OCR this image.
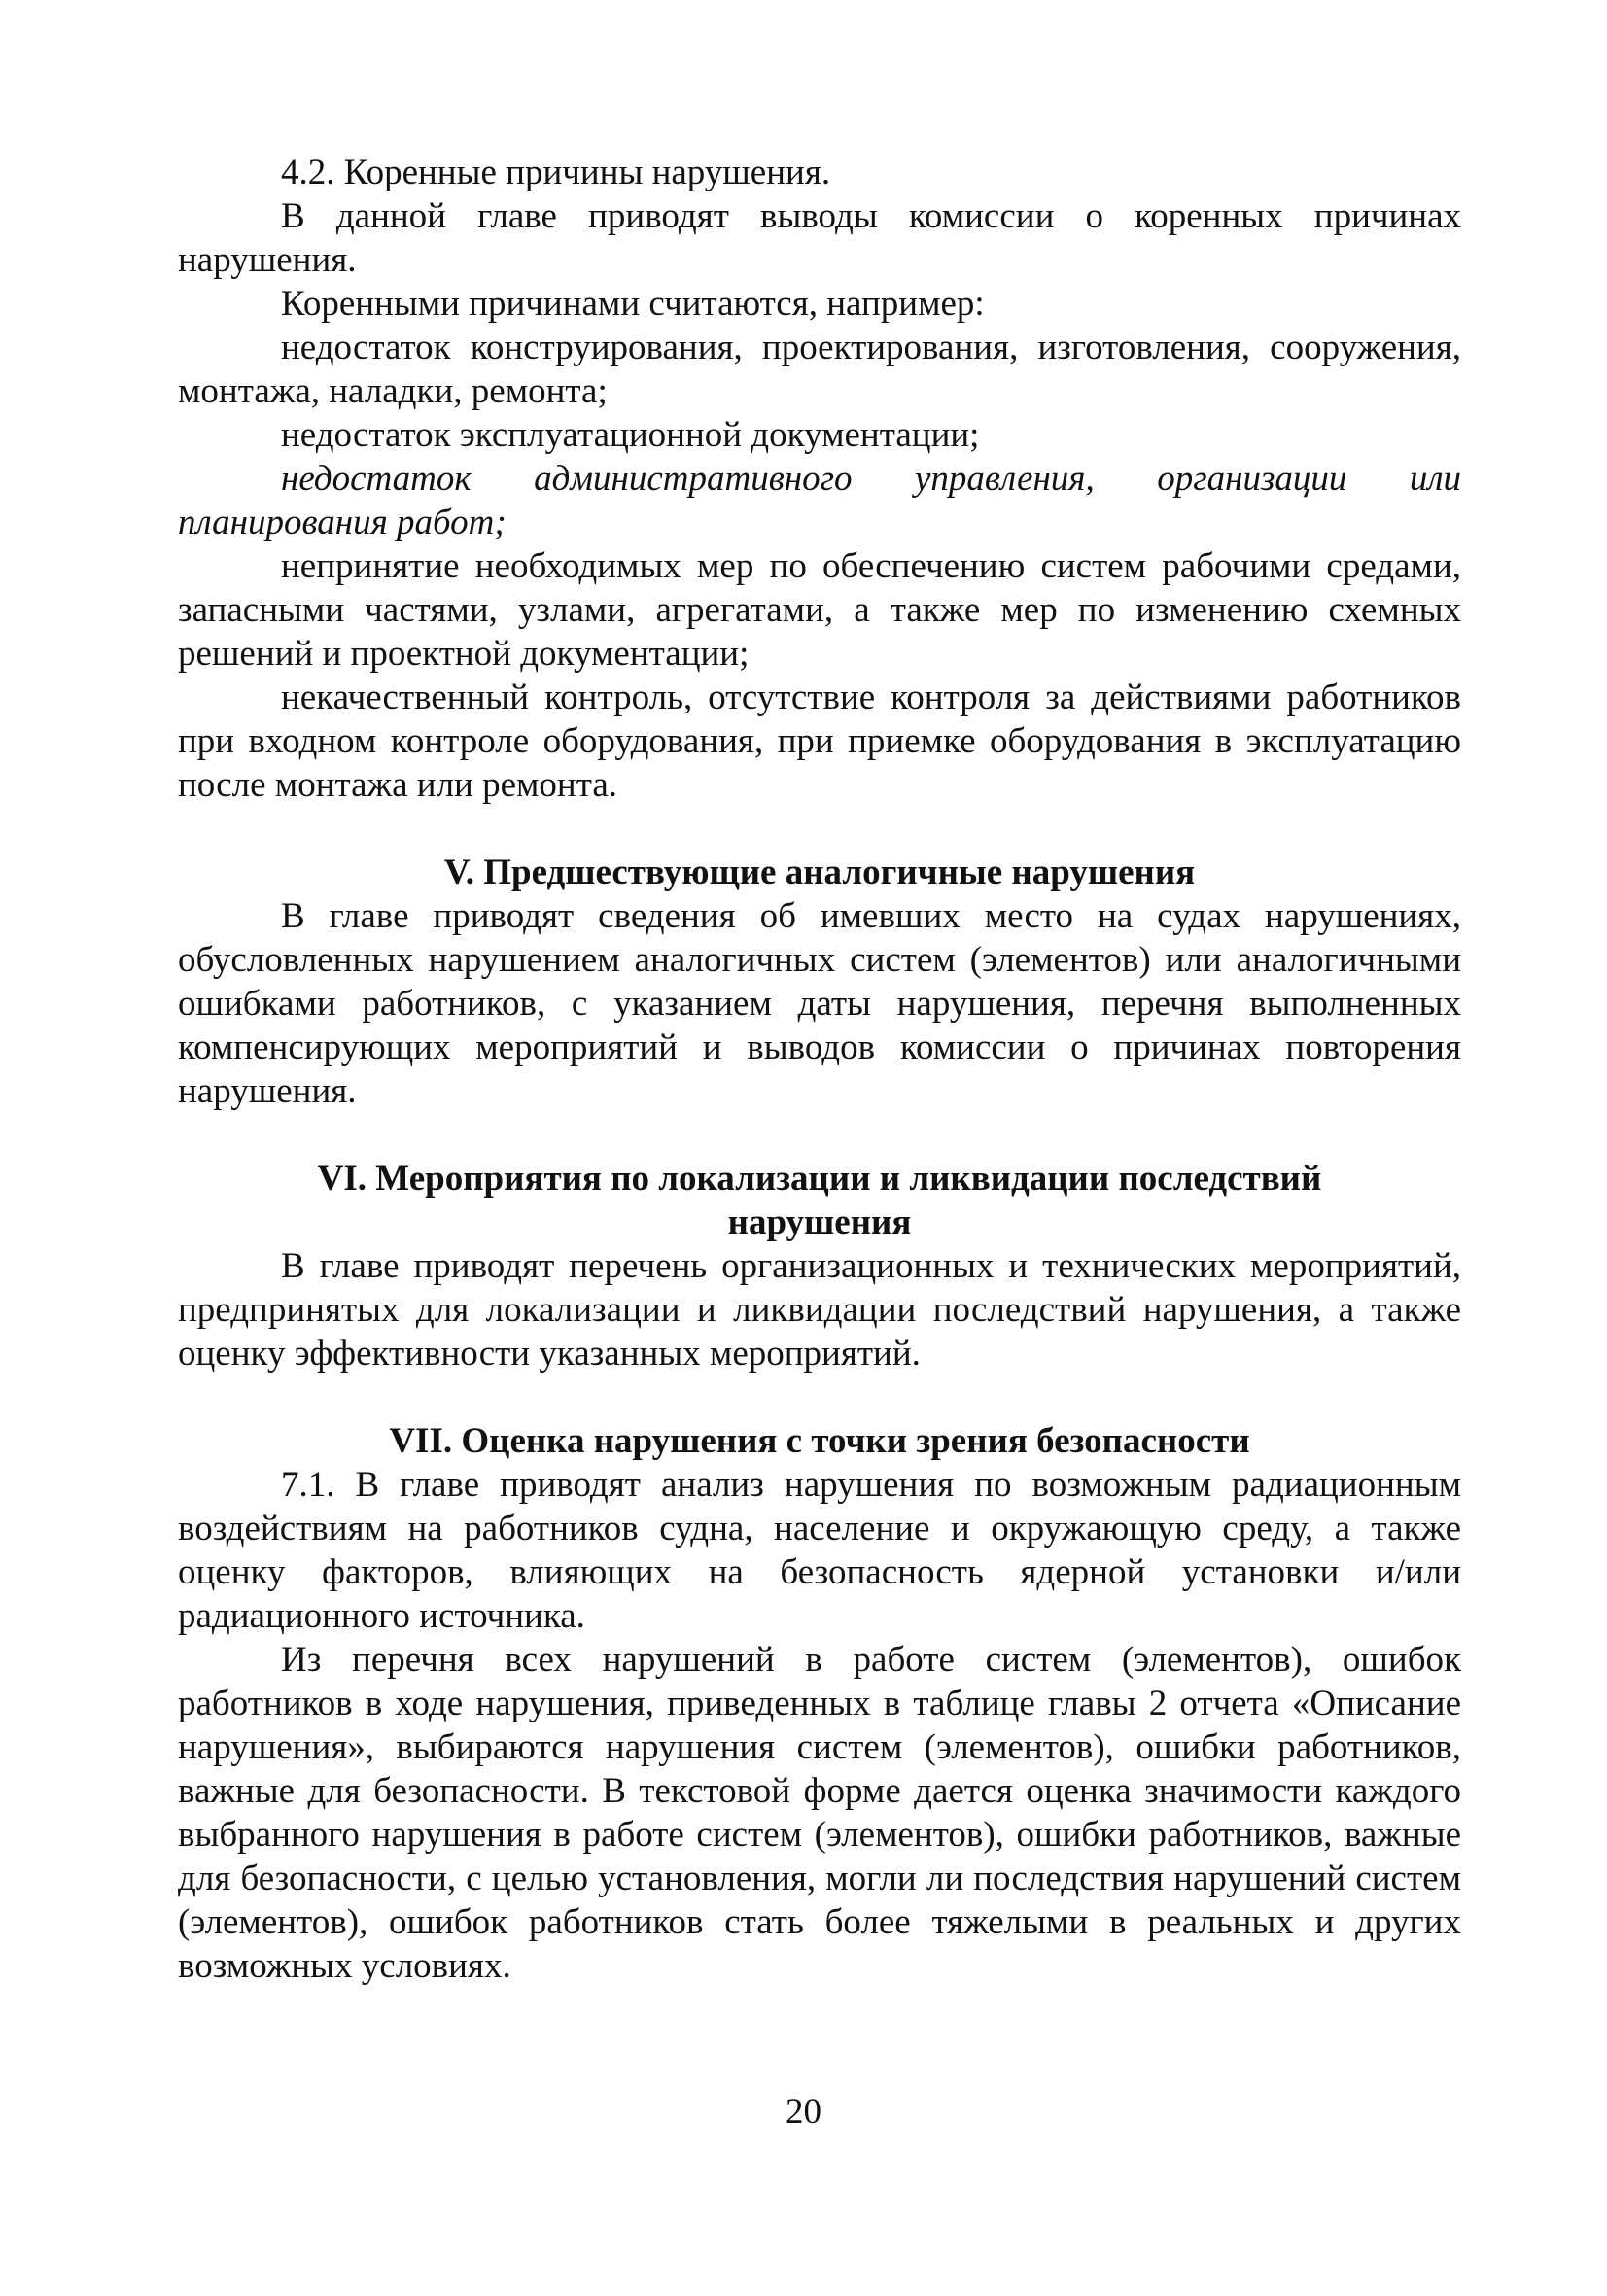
4.2. Коренные причины нарушения.

В данной главе приводят выводы комиссии о коренных причинах нарушения.

Коренными причинами считаются, например:

недостаток конструирования, проектирования, изготовления, сооружения, монтажа, наладки, ремонта;

недостаток эксплуатационной документации;

недостаток административного управления, организации или планирования работ;

непринятие необходимых мер по обеспечению систем рабочими средами, запасными частями, узлами, агрегатами, а также мер по изменению схемных решений и проектной документации;

некачественный контроль, отсутствие контроля за действиями работников при входном контроле оборудования, при приемке оборудования в эксплуатацию после монтажа или ремонта.

V. Предшествующие аналогичные нарушения

В главе приводят сведения об имевших место на судах нарушениях, обусловленных нарушением аналогичных систем (элементов) или аналогичными ошибками работников, с указанием даты нарушения, перечня выполненных компенсирующих мероприятий и выводов комиссии о причинах повторения нарушения.

VI. Мероприятия по локализации и ликвидации последствий

нарушения

В главе приводят перечень организационных и технических мероприятий, предпринятых для локализации и ликвидации последствий нарушения, а также оценку эффективности указанных мероприятий.

VII. Оценка нарушения с точки зрения безопасности

7.1. В главе приводят анализ нарушения по возможным радиационным воздействиям на работников судна, население и окружающую среду, а также оценку факторов, влияющих на безопасность ядерной установки и/или радиационного источника.

Из перечня всех нарушений в работе систем (элементов), ошибок работников в ходе нарушения, приведенных в таблице главы 2 отчета «Описание нарушения», выбираются нарушения систем (элементов), ошибки работников, важные для безопасности. В текстовой форме дается оценка значимости каждого выбранного нарушения в работе систем (элементов), ошибки работников, важные для безопасности, с целью установления, могли ли последствия нарушений систем (элементов), ошибок работников стать более тяжелыми в реальных и других возможных условиях.

20
